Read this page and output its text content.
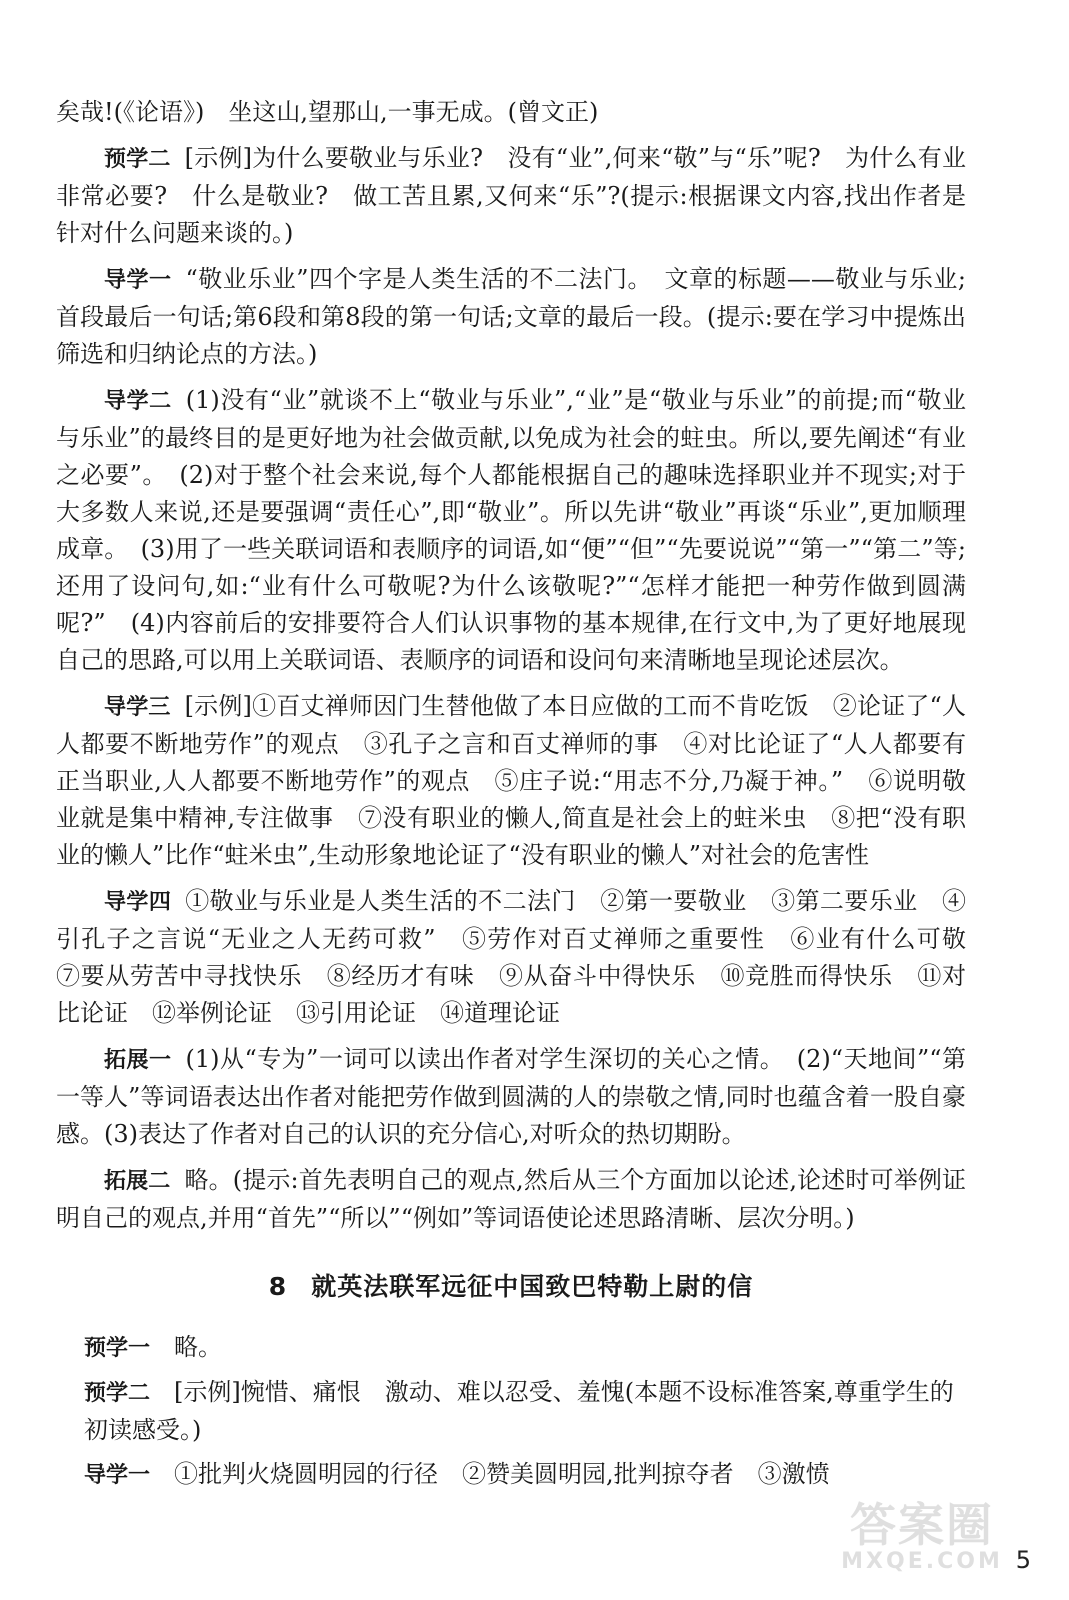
矣哉!(《论语》)　坐这山,望那山,一事无成。(曾文正)

预学二 [示例]为什么要敬业与乐业?　没有“业”,何来“敬”与“乐”呢?　为什么有业非常必要?　什么是敬业?　做工苦且累,又何来“乐”?(提示:根据课文内容,找出作者是针对什么问题来谈的。)

导学一 “敬业乐业”四个字是人类生活的不二法门。　文章的标题——敬业与乐业;首段最后一句话;第6段和第8段的第一句话;文章的最后一段。(提示:要在学习中提炼出筛选和归纳论点的方法。)

导学二 (1)没有“业”就谈不上“敬业与乐业”,“业”是“敬业与乐业”的前提;而“敬业与乐业”的最终目的是更好地为社会做贡献,以免成为社会的蛀虫。所以,要先阐述“有业之必要”。　(2)对于整个社会来说,每个人都能根据自己的趣味选择职业并不现实;对于大多数人来说,还是要强调“责任心”,即“敬业”。所以先讲“敬业”再谈“乐业”,更加顺理成章。　(3)用了一些关联词语和表顺序的词语,如“便”“但”“先要说说”“第一”“第二”等;还用了设问句,如:“业有什么可敬呢?为什么该敬呢?”“怎样才能把一种劳作做到圆满呢?”　(4)内容前后的安排要符合人们认识事物的基本规律,在行文中,为了更好地展现自己的思路,可以用上关联词语、表顺序的词语和设问句来清晰地呈现论述层次。

导学三 [示例]①百丈禅师因门生替他做了本日应做的工而不肯吃饭　②论证了“人人都要不断地劳作”的观点　③孔子之言和百丈禅师的事　④对比论证了“人人都要有正当职业,人人都要不断地劳作”的观点　⑤庄子说:“用志不分,乃凝于神。”　⑥说明敬业就是集中精神,专注做事　⑦没有职业的懒人,简直是社会上的蛀米虫　⑧把“没有职业的懒人”比作“蛀米虫”,生动形象地论证了“没有职业的懒人”对社会的危害性

导学四 ①敬业与乐业是人类生活的不二法门　②第一要敬业　③第二要乐业　④引孔子之言说“无业之人无药可救”　⑤劳作对百丈禅师之重要性　⑥业有什么可敬　⑦要从劳苦中寻找快乐　⑧经历才有味　⑨从奋斗中得快乐　⑩竞胜而得快乐　⑪对比论证　⑫举例论证　⑬引用论证　⑭道理论证

拓展一 (1)从“专为”一词可以读出作者对学生深切的关心之情。　(2)“天地间”“第一等人”等词语表达出作者对能把劳作做到圆满的人的崇敬之情,同时也蕴含着一股自豪感。(3)表达了作者对自己的认识的充分信心,对听众的热切期盼。

拓展二 略。(提示:首先表明自己的观点,然后从三个方面加以论述,论述时可举例证明自己的观点,并用“首先”“所以”“例如”等词语使论述思路清晰、层次分明。)

8 就英法联军远征中国致巴特勒上尉的信

预学一 略。

预学二 [示例]惋惜、痛恨　激动、难以忍受、羞愧(本题不设标准答案,尊重学生的初读感受。)

导学一 ①批判火烧圆明园的行径　②赞美圆明园,批判掠夺者　③激愤

答案圈
MXQE.COM 5
